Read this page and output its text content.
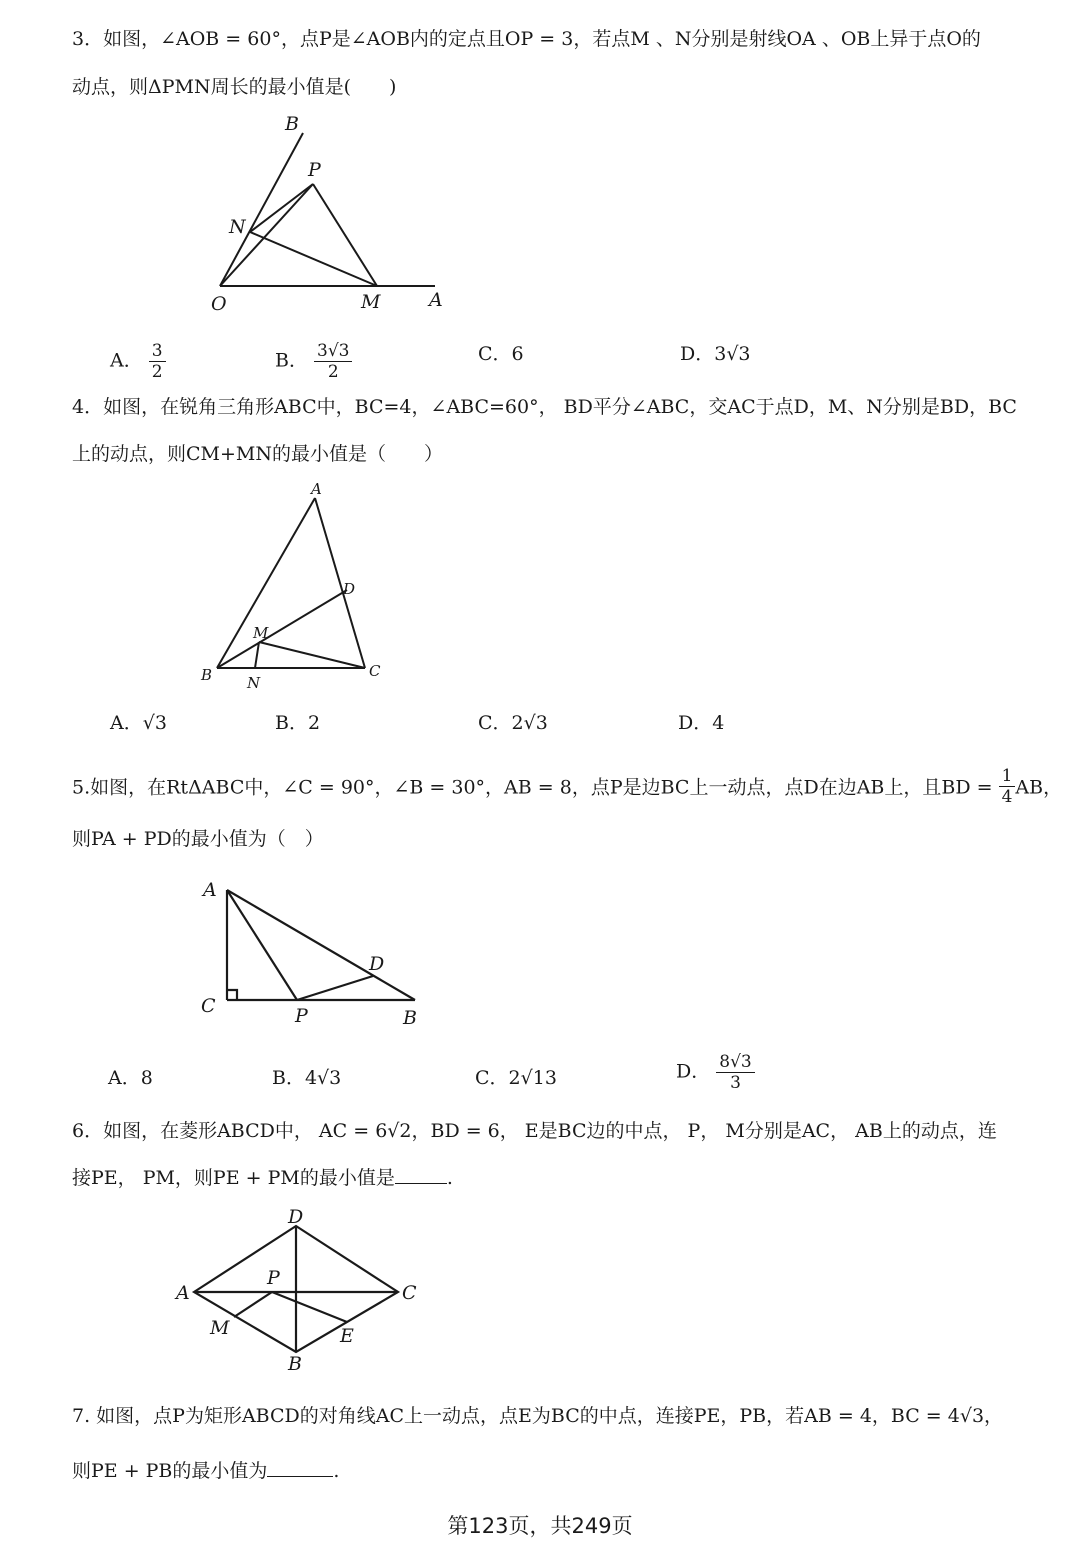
3．如图，∠AOB = 60°，点P是∠AOB内的定点且OP = 3，若点M 、N分别是射线OA 、OB上异于点O的
动点，则ΔPMN周长的最小值是(　　)
B
P
N
O	M	A
A． $\frac{3}{2}$	B． $\frac{3√3}{2}$	C．6	D．3√3
4．如图，在锐角三角形ABC中，BC=4，∠ABC=60°， BD平分∠ABC，交AC于点D，M、N分别是BD，BC
上的动点，则CM+MN的最小值是（　　）
A
D
M
B N
C
A．√3	B．2	C．2√3	D．4
5.如图，在RtΔABC中，∠C = 90°，∠B = 30°，AB = 8，点P是边BC上一动点，点D在边AB上，且BD = $\frac{1}{4}$ AB，
则PA + PD的最小值为（　）
A
D
C	P	B
A．8	B．4√3	C．2√13	D． $\frac{8√3}{3}$
6．如图，在菱形ABCD中， AC = 6√2，BD = 6， E是BC边的中点， P， M分别是AC， AB上的动点，连
接PE， PM，则PE + PM的最小值是	.
D
A
P
C
M	E
B
7. 如图，点P为矩形ABCD的对角线AC上一动点，点E为BC的中点，连接PE，PB，若AB = 4，BC = 4√3，
则PE + PB的最小值为	.
第123页，共249页
